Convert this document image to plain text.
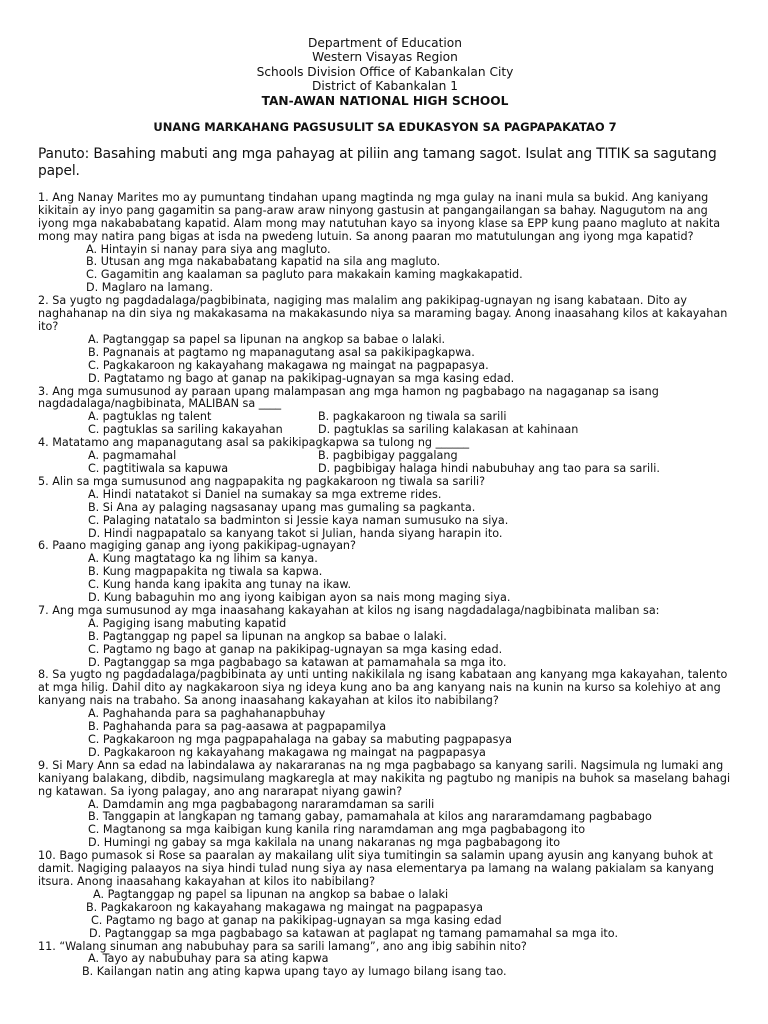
Department of Education
Western Visayas Region
Schools Division Office of Kabankalan City
District of Kabankalan 1
TAN-AWAN NATIONAL HIGH SCHOOL
UNANG MARKAHANG PAGSUSULIT SA EDUKASYON SA PAGPAPAKATAO 7
Panuto: Basahing mabuti ang mga pahayag at piliin ang tamang sagot. Isulat ang TITIK sa sagutang papel.

1. Ang Nanay Marites mo ay pumuntang tindahan upang magtinda ng mga gulay na inani mula sa bukid. Ang kaniyang kikitain ay inyo pang gagamitin sa pang-araw araw ninyong gastusin at pangangailangan sa bahay. Nagugutom na ang iyong mga nakababatang kapatid. Alam mong may natutuhan kayo sa inyong klase sa EPP kung paano magluto at nakita mong may natira pang bigas at isda na pwedeng lutuin. Sa anong paaran mo matutulungan ang iyong mga kapatid?

A. Hintayin si nanay para siya ang magluto.
B. Utusan ang mga nakababatang kapatid na sila ang magluto.
C. Gagamitin ang kaalaman sa pagluto para makakain kaming magkakapatid.
D. Maglaro na lamang.

2. Sa yugto ng pagdadalaga/pagbibinata, nagiging mas malalim ang pakikipag-ugnayan ng isang kabataan. Dito ay naghahanap na din siya ng makakasama na makakasundo niya sa maraming bagay. Anong inaasahang kilos at kakayahan ito?

A. Pagtanggap sa papel sa lipunan na angkop sa babae o lalaki.
B. Pagnanais at pagtamo ng mapanagutang asal sa pakikipagkapwa.
C. Pagkakaroon ng kakayahang makagawa ng maingat na pagpapasya.
D. Pagtatamo ng bago at ganap na pakikipag-ugnayan sa mga kasing edad.

3. Ang mga sumusunod ay paraan upang malampasan ang mga hamon ng pagbabago na nagaganap sa isang nagdadalaga/nagbibinata, MALIBAN sa ____

A. pagtuklas ng talent	B. pagkakaroon ng tiwala sa sarili
C. pagtuklas sa sariling kakayahan	D. pagtuklas sa sariling kalakasan at kahinaan

4. Matatamo ang mapanagutang asal sa pakikipagkapwa sa tulong ng ______

A. pagmamahal	B. pagbibigay paggalang
C. pagtitiwala sa kapuwa	D. pagbibigay halaga hindi nabubuhay ang tao para sa sarili.

5. Alin sa mga sumusunod ang nagpapakita ng pagkakaroon ng tiwala sa sarili?

A. Hindi natatakot si Daniel na sumakay sa mga extreme rides.
B. Si Ana ay palaging nagsasanay upang mas gumaling sa pagkanta.
C. Palaging natatalo sa badminton si Jessie kaya naman sumusuko na siya.
D. Hindi nagpapatalo sa kanyang takot si Julian, handa siyang harapin ito.

6. Paano magiging ganap ang iyong pakikipag-ugnayan?

A. Kung magtatago ka ng lihim sa kanya.
B. Kung magpapakita ng tiwala sa kapwa.
C. Kung handa kang ipakita ang tunay na ikaw.
D. Kung babaguhin mo ang iyong kaibigan ayon sa nais mong maging siya.

7. Ang mga sumusunod ay mga inaasahang kakayahan at kilos ng isang nagdadalaga/nagbibinata maliban sa:

A. Pagiging isang mabuting kapatid
B. Pagtanggap ng papel sa lipunan na angkop sa babae o lalaki.
C. Pagtamo ng bago at ganap na pakikipag-ugnayan sa mga kasing edad.
D. Pagtanggap sa mga pagbabago sa katawan at pamamahala sa mga ito.

8. Sa yugto ng pagdadalaga/pagbibinata ay unti unting nakikilala ng isang kabataan ang kanyang mga kakayahan, talento at mga hilig. Dahil dito ay nagkakaroon siya ng ideya kung ano ba ang kanyang nais na kunin na kurso sa kolehiyo at ang kanyang nais na trabaho. Sa anong inaasahang kakayahan at kilos ito nabibilang?

A. Paghahanda para sa paghahanapbuhay
B. Paghahanda para sa pag-aasawa at pagpapamilya
C. Pagkakaroon ng mga pagpapahalaga na gabay sa mabuting pagpapasya
D. Pagkakaroon ng kakayahang makagawa ng maingat na pagpapasya

9. Si Mary Ann sa edad na labindalawa ay nakararanas na ng mga pagbabago sa kanyang sarili. Nagsimula ng lumaki ang kaniyang balakang, dibdib, nagsimulang magkaregla at may nakikita ng pagtubo ng manipis na buhok sa maselang bahagi ng katawan. Sa iyong palagay, ano ang nararapat niyang gawin?

A. Damdamin ang mga pagbabagong nararamdaman sa sarili
B. Tanggapin at langkapan ng tamang gabay, pamamahala at kilos ang nararamdamang pagbabago
C. Magtanong sa mga kaibigan kung kanila ring naramdaman ang mga pagbabagong ito
D. Humingi ng gabay sa mga kakilala na unang nakaranas ng mga pagbabagong ito

10. Bago pumasok si Rose sa paaralan ay makailang ulit siya tumitingin sa salamin upang ayusin ang kanyang buhok at damit. Nagiging palaayos na siya hindi tulad nung siya ay nasa elementarya pa lamang na walang pakialam sa kanyang itsura. Anong inaasahang kakayahan at kilos ito nabibilang?

A. Pagtanggap ng papel sa lipunan na angkop sa babae o lalaki
B. Pagkakaroon ng kakayahang makagawa ng maingat na pagpapasya
C. Pagtamo ng bago at ganap na pakikipag-ugnayan sa mga kasing edad
D. Pagtanggap sa mga pagbabago sa katawan at paglapat ng tamang pamamahal sa mga ito.

11. “Walang sinuman ang nabubuhay para sa sarili lamang”, ano ang ibig sabihin nito?

A. Tayo ay nabubuhay para sa ating kapwa
B. Kailangan natin ang ating kapwa upang tayo ay lumago bilang isang tao.
